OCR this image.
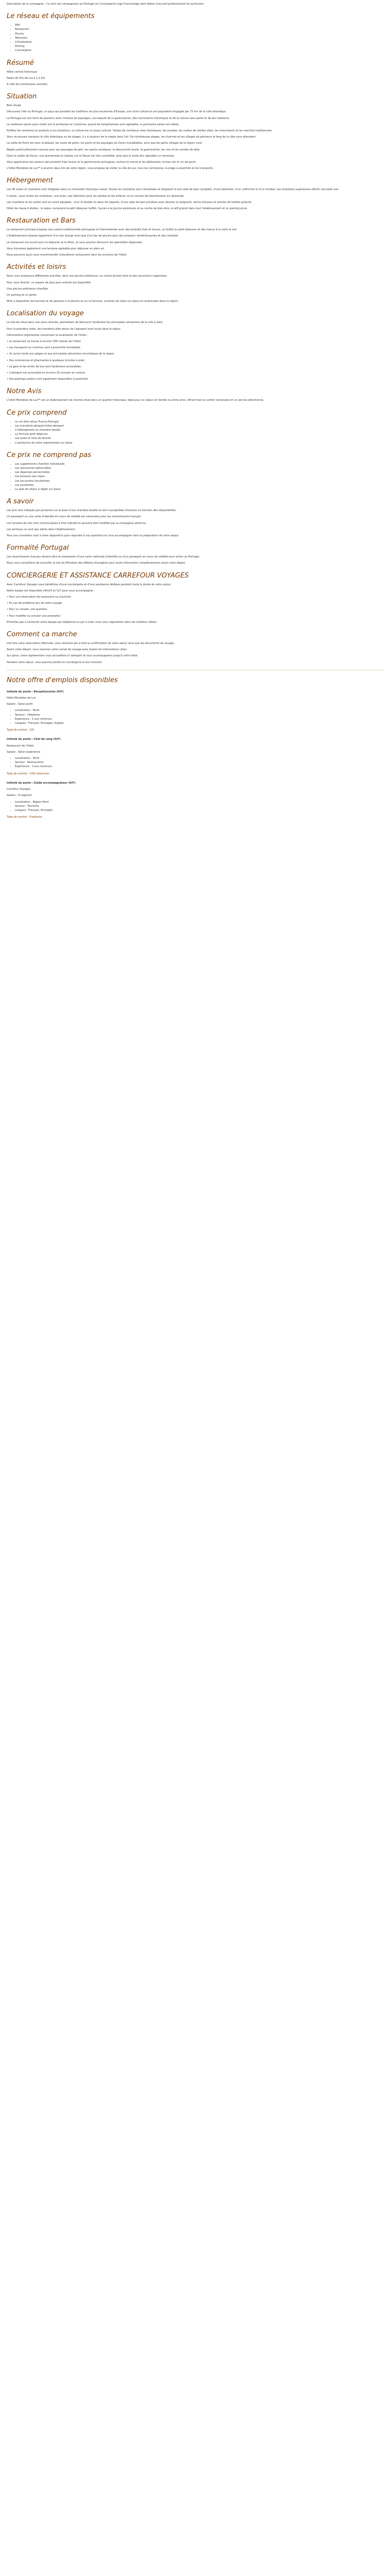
Description de la compagnie : Ce sont nos compagnons au Portugal en Conciergerie Luigi Francomage dont Adeon d'accueil professionnel du particulier.

Le réseau et équipements
• Wifi
• Restaurant
• Piscine
• Télévision
• Climatisation
• Parking
• Conciergerie
Résumé

Hôtel central historique

Palais de Vila de Luz à 1,2 km

A côté de nombreuses activités

Situation

Bien située

Découvrez l'été au Portugal, un pays qui possède les traditions les plus anciennes d'Europe, une riche culture et une population engagée par 75 km de la côte atlantique.

Le Portugal est une terre de passions avec richesse de paysages, une beauté de la gastronomie, des monuments historiques et de la culture sans pareil et de ses habitants.

La meilleure saison pour visiter est le printemps et l'automne, quand les températures sont agréables, la prochaine saison est idéale.

Profitez de nombreux et produits à ces situations, la culture est un joyau culturel. Visitez de nombreux sites historiques, les musées, les ruelles de vieilles villes, les monuments et les marchés traditionnels.

Vous ne pouvez manquer la côte atlantique ou les plages, il y a toujours de la magie dans l'air. De nombreuses plages, les charmes et les villages de pêcheurs le long de la côte vous attendent.

La visite de Porto est avec la beauté, les caves de porto, les ponts et les paysages du Douro inoubliables, ainsi que les petits villages de la région nord.

Région particulièrement connue pour ses paysages de golf, ses sports nautiques, la découverte locale, la gastronomie, les vins et les soirées de fado.

Dans la vallée de Douro, une promenade en bateau sur le fleuve est très conseillée, ainsi que la visite des vignobles en terrasses.

Vous apprécierez les saveurs des produits frais locaux et la gastronomie portugaise, surtout la morue et les pâtisseries, et bien sûr le vin de porto.

L'hôtel Mondelez de Luz** à environ deux km de notre région, vous propose de visiter la ville de Luz, tous les commerces, la plage à proximité et les transports.

Hébergement

Les 46 suites et chambres sont intégrées dans un immeuble historique classé. Toutes les chambres sont climatisées et disposent d'une salle de bain complète, d'une télévision, d'un coffre-fort et d'un minibar. Les chambres supérieures offrent une belle vue.

Il existe : pour toutes les chambres, une prise, une télévision pour les adultes et les enfants, et un service de blanchisserie sur demande.

Les chambres et les suites sont en outre équipées : d'un lit double ou deux lits séparés, d'une salle de bain privative avec douche ou baignoire, sèche-cheveux et articles de toilette gratuits.

Hôtel de classe 4 étoiles : le séjour comprend le petit déjeuner buffet, l'accès à la piscine extérieure et au centre de bien-être, le wifi gratuit dans tout l'établissement et un parking privé.

Restauration et Bars

Le restaurant principal propose une cuisine traditionnelle portugaise et internationale avec des produits frais et locaux, un buffet au petit déjeuner et des menus à la carte le soir.

L'établissement dispose également d'un bar lounge ainsi que d'un bar de piscine pour des boissons rafraîchissantes et des cocktails.

Le restaurant est ouvert pour le déjeuner et le dîner, et vous pourrez découvrir les spécialités régionales.

Vous trouverez également une terrasse agréable pour déjeuner en plein air.

Nous pouvons aussi vous recommander d'excellents restaurants dans les environs de l'hôtel.

Activités et loisirs

Nous vous proposons différentes activités, dont une piscine extérieure, un centre de bien-être et des excursions organisées.

Pour vous divertir, un espace de jeux pour enfants est disponible.

Une piscine extérieure chauffée.

Un parking et un jardin.

Mise à disposition de transats et de parasols à la piscine et sur la terrasse. Location de vélos sur place et randonnées dans la région.

Localisation du voyage

Le site est situé dans une zone centrale, permettant de découvrir facilement les principales attractions de la ville à pied.

Pour la première visite, les transferts aller-retour de l'aéroport sont inclus dans le séjour.

Informations importantes concernant la localisation de l'hôtel :

• Le restaurant se trouve à environ 300 mètres de l'hôtel.

• Les transports en commun sont à proximité immédiate.

• Un accès facile aux plages et aux principales attractions touristiques de la région.

• Des commerces et pharmacies à quelques minutes à pied.

• La gare et les arrêts de bus sont facilement accessibles.

• L'aéroport est accessible en environ 20 minutes en voiture.

• Des parkings publics sont également disponibles à proximité.

Notre Avis

L'hôtel Mondelez de Luz** est un établissement de charme situé dans un quartier historique, idéal pour un séjour en famille ou entre amis, offrant tout le confort nécessaire et un service attentionné.

Ce prix comprend
• Le vol aller-retour France-Portugal
• Les transferts aéroport-hôtel-aéroport
• L'hébergement en chambre double
• La formule petit déjeuner
• Les taxes et frais de dossier
• L'assistance de notre représentant sur place
Ce prix ne comprend pas
• Les suppléments chambre individuelle
• Les assurances optionnelles
• Les dépenses personnelles
• Les boissons aux repas
• Les excursions facultatives
• Les pourboires
• La taxe de séjour à régler sur place
A savoir

Les prix sont indiqués par personne sur la base d'une chambre double et sont susceptibles d'évoluer en fonction des disponibilités.

Un passeport ou une carte d'identité en cours de validité est nécessaire pour les ressortissants français.

Les horaires de vols sont communiqués à titre indicatif et peuvent être modifiés par la compagnie aérienne.

Les animaux ne sont pas admis dans l'établissement.

Tous nos conseillers sont à votre disposition pour répondre à vos questions et vous accompagner dans la préparation de votre séjour.

Formalité Portugal

Les ressortissants français doivent être en possession d'une carte nationale d'identité ou d'un passeport en cours de validité pour entrer au Portugal.

Nous vous conseillons de consulter le site du Ministère des Affaires étrangères pour toute information complémentaire avant votre départ.

CONCIERGERIE ET ASSISTANCE CARREFOUR VOYAGES

Avec Carrefour Voyages vous bénéficiez d'une conciergerie et d'une assistance dédiées pendant toute la durée de votre séjour.

Notre équipe est disponible 24h/24 et 7j/7 pour vous accompagner :

• Pour une réservation de restaurant ou d'activité

• En cas de problème lors de votre voyage

• Pour un conseil, une question

• Pour modifier ou annuler une prestation

N'hésitez pas à contacter notre équipe par téléphone ou par e-mail, nous vous répondrons dans les meilleurs délais.

Comment ca marche

Une fois votre réservation effectuée, vous recevrez par e-mail la confirmation de votre séjour ainsi que les documents de voyage.

Avant votre départ, vous recevrez votre carnet de voyage avec toutes les informations utiles.

Sur place, notre représentant vous accueillera à l'aéroport et vous accompagnera jusqu'à votre hôtel.

Pendant votre séjour, vous pourrez joindre la conciergerie à tout moment.

Notre offre d'emplois disponibles

Intitulé du poste : Réceptionniste (H/F)

Hôtel Mondelez de Luz

Salaire : Selon profil

• Localisation : Porto
• Secteur : Hôtellerie
• Expérience : 2 ans minimum
• Langues : Français, Portugais, Anglais

Type de contrat : CDI

Intitulé du poste : Chef de rang (H/F)

Restaurant de l'hôtel

Salaire : Selon expérience

• Localisation : Porto
• Secteur : Restauration
• Expérience : 3 ans minimum

Type de contrat : CDD saisonnier

Intitulé du poste : Guide accompagnateur (H/F)

Carrefour Voyages

Salaire : À négocier

• Localisation : Région Nord
• Secteur : Tourisme
• Langues : Français, Portugais

Type de contrat : Freelance
